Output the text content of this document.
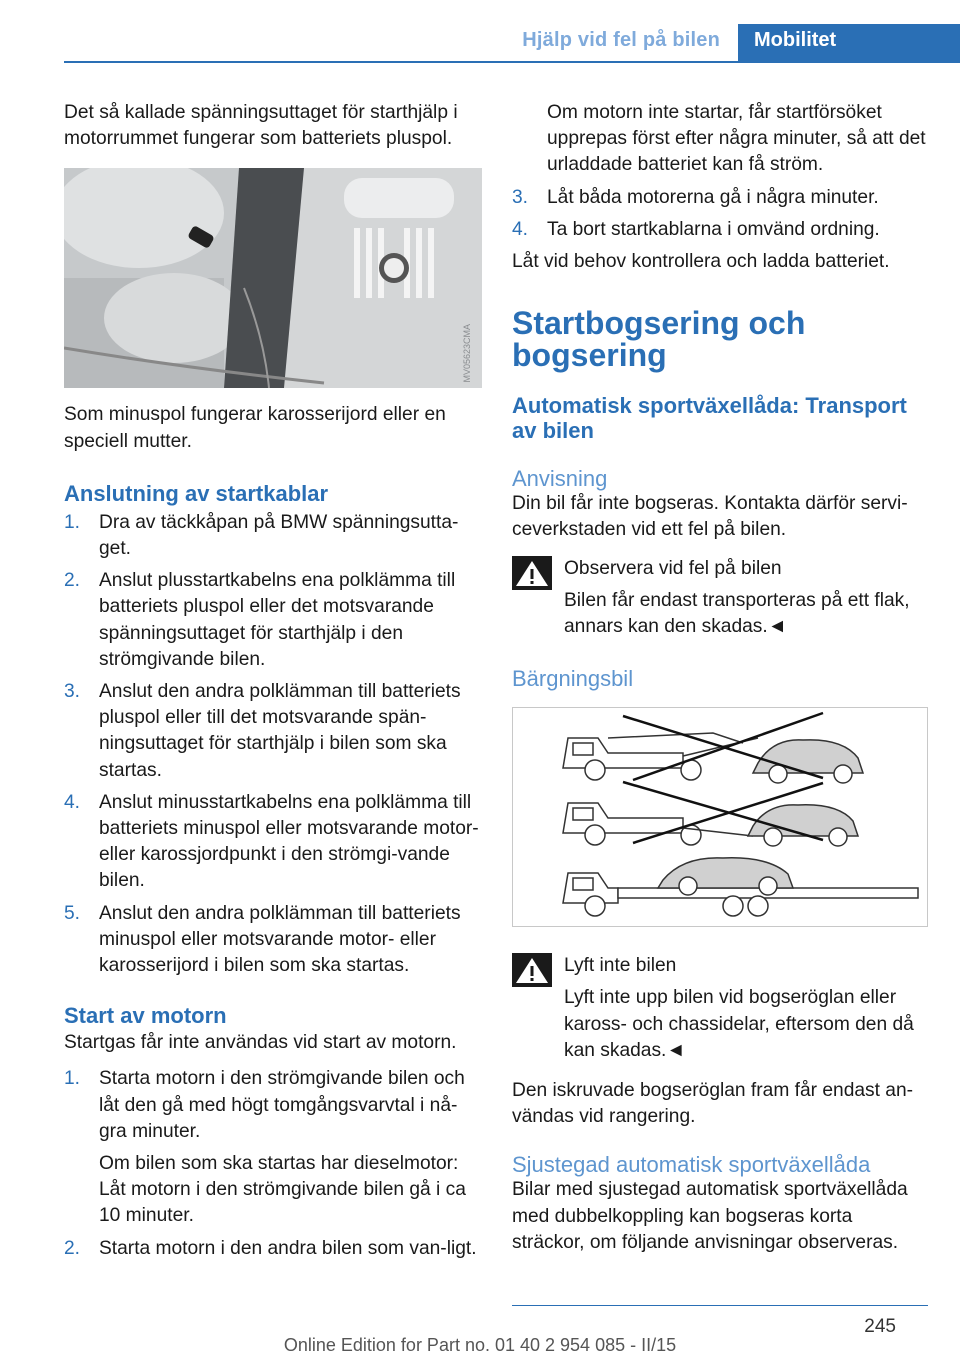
Hjälp vid fel på bilen Mobilitet

Det så kallade spänningsuttaget för starthjälp i motorrummet fungerar som batteriets pluspol.

MV05623CMA

Som minuspol fungerar karosserijord eller en speciell mutter.

Anslutning av startkablar
1. Dra av täckkåpan på BMW spänningsutta-get.
2. Anslut plusstartkabelns ena polklämma till batteriets pluspol eller det motsvarande spänningsuttaget för starthjälp i den strömgivande bilen.
3. Anslut den andra polklämman till batteriets pluspol eller till det motsvarande spän-ningsuttaget för starthjälp i bilen som ska startas.
4. Anslut minusstartkabelns ena polklämma till batteriets minuspol eller motsvarande motor- eller karossjordpunkt i den strömgi-vande bilen.
5. Anslut den andra polklämman till batteriets minuspol eller motsvarande motor- eller karosserijord i bilen som ska startas.
Start av motorn

Startgas får inte användas vid start av motorn.

1. Starta motorn i den strömgivande bilen och låt den gå med högt tomgångsvarvtal i nå-gra minuter.

Om bilen som ska startas har dieselmotor: Låt motorn i den strömgivande bilen gå i ca 10 minuter.

2. Starta motorn i den andra bilen som van-ligt.

Om motorn inte startar, får startförsöket upprepas först efter några minuter, så att det urladdade batteriet kan få ström.

3. Låt båda motorerna gå i några minuter.
4. Ta bort startkablarna i omvänd ordning.

Låt vid behov kontrollera och ladda batteriet.

Startbogsering och bogsering
Automatisk sportväxellåda: Transport av bilen
Anvisning

Din bil får inte bogseras. Kontakta därför servi-ceverkstaden vid ett fel på bilen.

Observera vid fel på bilen

Bilen får endast transporteras på ett flak, annars kan den skadas.◄

Bärgningsbil

Lyft inte bilen

Lyft inte upp bilen vid bogseröglan eller kaross- och chassidelar, eftersom den då kan skadas.◄

Den iskruvade bogseröglan fram får endast an-vändas vid rangering.

Sjustegad automatisk sportväxellåda

Bilar med sjustegad automatisk sportväxellåda med dubbelkoppling kan bogseras korta sträckor, om följande anvisningar observeras.

245
Online Edition for Part no. 01 40 2 954 085 - II/15
